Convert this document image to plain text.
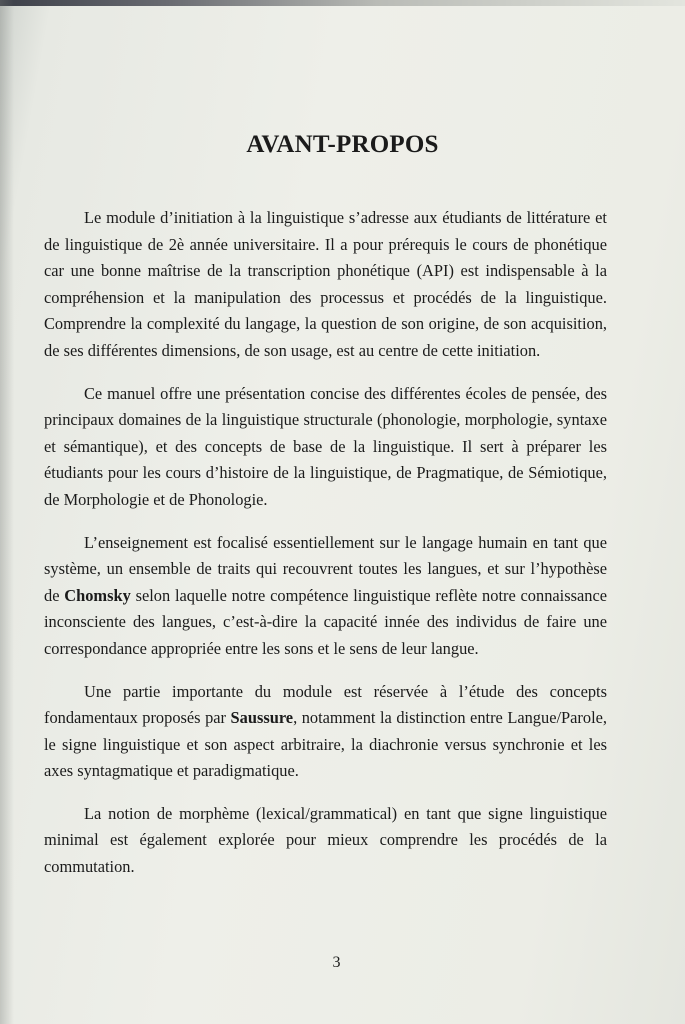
AVANT-PROPOS

Le module d’initiation à la linguistique s’adresse aux étudiants de littérature et de linguistique de 2è année universitaire. Il a pour prérequis le cours de phonétique car une bonne maîtrise de la transcription phonétique (API) est indispensable à la compréhension et la manipulation des processus et procédés de la linguistique. Comprendre la complexité du langage, la question de son origine, de son acquisition, de ses différentes dimensions, de son usage, est au centre de cette initiation.

Ce manuel offre une présentation concise des différentes écoles de pensée, des principaux domaines de la linguistique structurale (phonologie, morphologie, syntaxe et sémantique), et des concepts de base de la linguistique. Il sert à préparer les étudiants pour les cours d’histoire de la linguistique, de Pragmatique, de Sémiotique, de Morphologie et de Phonologie.

L’enseignement est focalisé essentiellement sur le langage humain en tant que système, un ensemble de traits qui recouvrent toutes les langues, et sur l’hypothèse de Chomsky selon laquelle notre compétence linguistique reflète notre connaissance inconsciente des langues, c’est-à-dire la capacité innée des individus de faire une correspondance appropriée entre les sons et le sens de leur langue.

Une partie importante du module est réservée à l’étude des concepts fondamentaux proposés par Saussure, notamment la distinction entre Langue/Parole, le signe linguistique et son aspect arbitraire, la diachronie versus synchronie et les axes syntagmatique et paradigmatique.

La notion de morphème (lexical/grammatical) en tant que signe linguistique minimal est également explorée pour mieux comprendre les procédés de la commutation.

3
